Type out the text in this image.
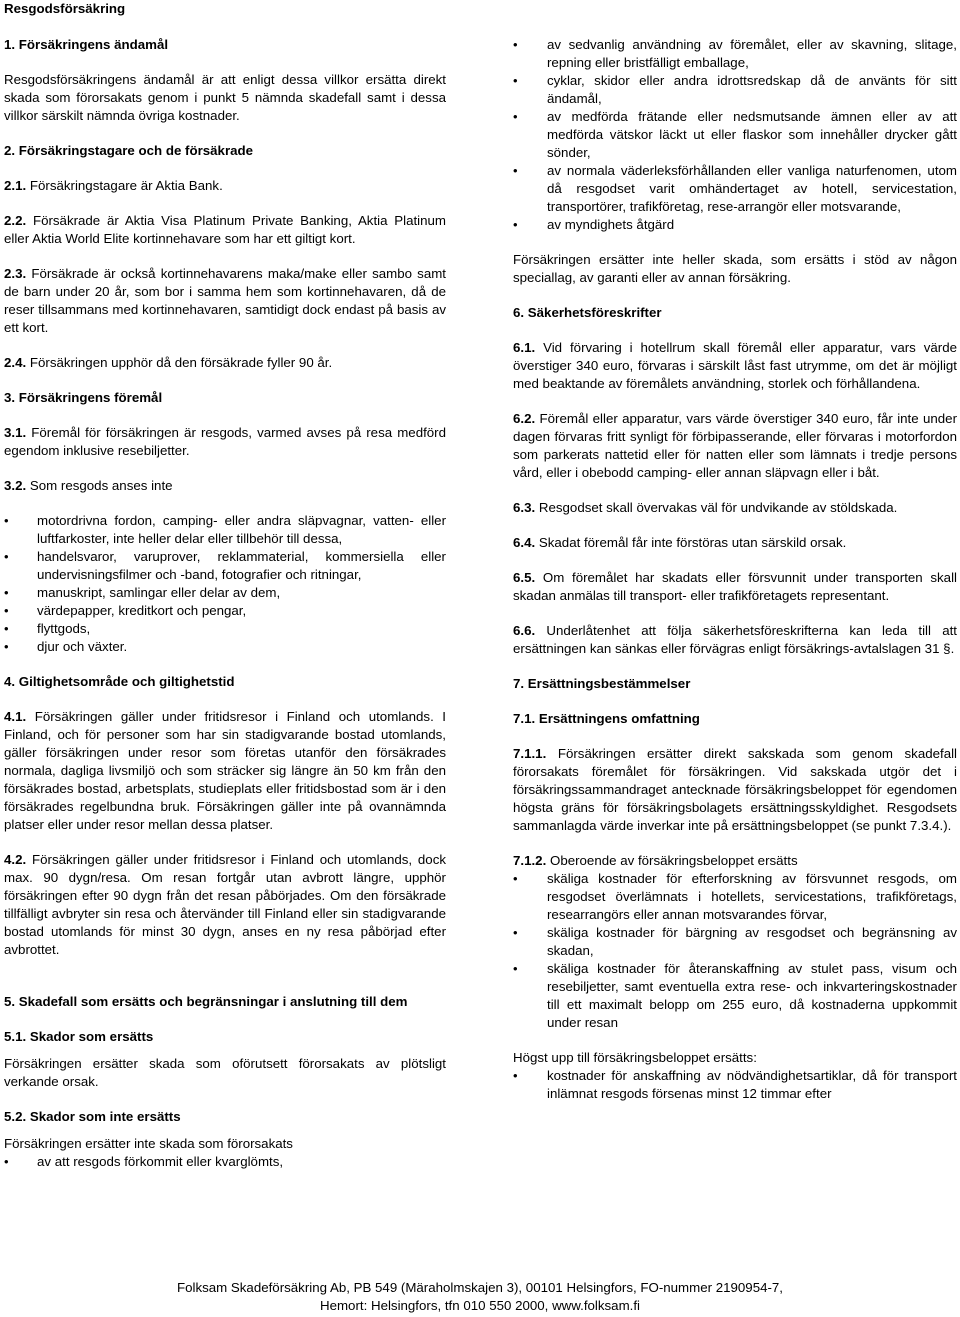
Resgodsförsäkring
1. Försäkringens ändamål

Resgodsförsäkringens ändamål är att enligt dessa villkor ersätta direkt skada som förorsakats genom i punkt 5 nämnda skadefall samt i dessa villkor särskilt nämnda övriga kostnader.

2. Försäkringstagare och de försäkrade

2.1. Försäkringstagare är Aktia Bank.

2.2. Försäkrade är Aktia Visa Platinum Private Banking, Aktia Platinum eller Aktia World Elite kortinnehavare som har ett giltigt kort.

2.3. Försäkrade är också kortinnehavarens maka/make eller sambo samt de barn under 20 år, som bor i samma hem som kortinnehavaren, då de reser tillsammans med kortinnehavaren, samtidigt dock endast på basis av ett kort.

2.4. Försäkringen upphör då den försäkrade fyller 90 år.

3. Försäkringens föremål

3.1. Föremål för försäkringen är resgods, varmed avses på resa medförd egendom inklusive resebiljetter.

3.2. Som resgods anses inte

• motordrivna fordon, camping- eller andra släpvagnar, vatten- eller luftfarkoster, inte heller delar eller tillbehör till dessa,
• handelsvaror, varuprover, reklammaterial, kommersiella eller undervisningsfilmer och -band, fotografier och ritningar,
• manuskript, samlingar eller delar av dem,
• värdepapper, kreditkort och pengar,
• flyttgods,
• djur och växter.
4. Giltighetsområde och giltighetstid

4.1. Försäkringen gäller under fritidsresor i Finland och utomlands. I Finland, och för personer som har sin stadigvarande bostad utomlands, gäller försäkringen under resor som företas utanför den försäkrades normala, dagliga livsmiljö och som sträcker sig längre än 50 km från den försäkrades bostad, arbetsplats, studieplats eller fritidsbostad som är i den försäkrades regelbundna bruk. Försäkringen gäller inte på ovannämnda platser eller under resor mellan dessa platser.

4.2. Försäkringen gäller under fritidsresor i Finland och utomlands, dock max. 90 dygn/resa. Om resan fortgår utan avbrott längre, upphör försäkringen efter 90 dygn från det resan påbörjades. Om den försäkrade tillfälligt avbryter sin resa och återvänder till Finland eller sin stadigvarande bostad utomlands för minst 30 dygn, anses en ny resa påbörjad efter avbrottet.

5. Skadefall som ersätts och begränsningar i anslutning till dem
5.1. Skador som ersätts

Försäkringen ersätter skada som oförutsett förorsakats av plötsligt verkande orsak.

5.2. Skador som inte ersätts

Försäkringen ersätter inte skada som förorsakats

• av att resgods förkommit eller kvarglömts,
• av sedvanlig användning av föremålet, eller av skavning, slitage, repning eller bristfälligt emballage,
• cyklar, skidor eller andra idrottsredskap då de använts för sitt ändamål,
• av medförda frätande eller nedsmutsande ämnen eller av att medförda vätskor läckt ut eller flaskor som innehåller drycker gått sönder,
• av normala väderleksförhållanden eller vanliga naturfenomen, utom då resgodset varit omhändertaget av hotell, servicestation, transportörer, trafikföretag, rese-arrangör eller motsvarande,
• av myndighets åtgärd

Försäkringen ersätter inte heller skada, som ersätts i stöd av någon speciallag, av garanti eller av annan försäkring.

6. Säkerhetsföreskrifter

6.1. Vid förvaring i hotellrum skall föremål eller apparatur, vars värde överstiger 340 euro, förvaras i särskilt låst fast utrymme, om det är möjligt med beaktande av föremålets användning, storlek och förhållandena.

6.2. Föremål eller apparatur, vars värde överstiger 340 euro, får inte under dagen förvaras fritt synligt för förbipasserande, eller förvaras i motorfordon som parkerats nattetid eller för natten eller som lämnats i tredje persons vård, eller i obebodd camping- eller annan släpvagn eller i båt.

6.3. Resgodset skall övervakas väl för undvikande av stöldskada.

6.4. Skadat föremål får inte förstöras utan särskild orsak.

6.5. Om föremålet har skadats eller försvunnit under transporten skall skadan anmälas till transport- eller trafikföretagets representant.

6.6. Underlåtenhet att följa säkerhetsföreskrifterna kan leda till att ersättningen kan sänkas eller förvägras enligt försäkrings-avtalslagen 31 §.

7. Ersättningsbestämmelser
7.1. Ersättningens omfattning

7.1.1. Försäkringen ersätter direkt sakskada som genom skadefall förorsakats föremålet för försäkringen. Vid sakskada utgör det i försäkringssammandraget antecknade försäkringsbeloppet för egendomen högsta gräns för försäkringsbolagets ersättningsskyldighet. Resgodsets sammanlagda värde inverkar inte på ersättningsbeloppet (se punkt 7.3.4.).

7.1.2. Oberoende av försäkringsbeloppet ersätts

• skäliga kostnader för efterforskning av försvunnet resgods, om resgodset överlämnats i hotellets, servicestations, trafikföretags, researrangörs eller annan motsvarandes förvar,
• skäliga kostnader för bärgning av resgodset och begränsning av skadan,
• skäliga kostnader för återanskaffning av stulet pass, visum och resebiljetter, samt eventuella extra rese- och inkvarteringskostnader till ett maximalt belopp om 255 euro, då kostnaderna uppkommit under resan

Högst upp till försäkringsbeloppet ersätts:

• kostnader för anskaffning av nödvändighetsartiklar, då för transport inlämnat resgods försenas minst 12 timmar efter
Folksam Skadeförsäkring Ab, PB 549 (Märaholmskajen 3), 00101 Helsingfors, FO-nummer 2190954-7,
Hemort: Helsingfors, tfn 010 550 2000, www.folksam.fi
